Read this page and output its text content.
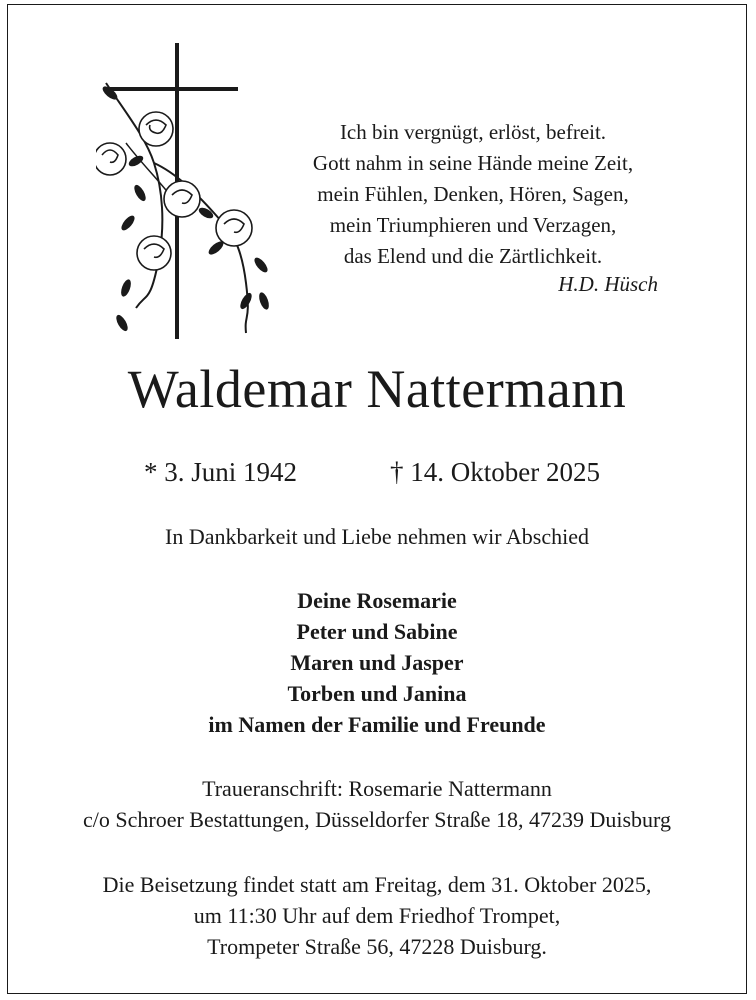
Ich bin vergnügt, erlöst, befreit.
Gott nahm in seine Hände meine Zeit,
mein Fühlen, Denken, Hören, Sagen,
mein Triumphieren und Verzagen,
das Elend und die Zärtlichkeit.
H.D. Hüsch
Waldemar Nattermann
* 3. Juni 1942	† 14. Oktober 2025
In Dankbarkeit und Liebe nehmen wir Abschied
Deine Rosemarie
Peter und Sabine
Maren und Jasper
Torben und Janina
im Namen der Familie und Freunde
Traueranschrift: Rosemarie Nattermann
c/o Schroer Bestattungen, Düsseldorfer Straße 18, 47239 Duisburg
Die Beisetzung findet statt am Freitag, dem 31. Oktober 2025,
um 11:30 Uhr auf dem Friedhof Trompet,
Trompeter Straße 56, 47228 Duisburg.
